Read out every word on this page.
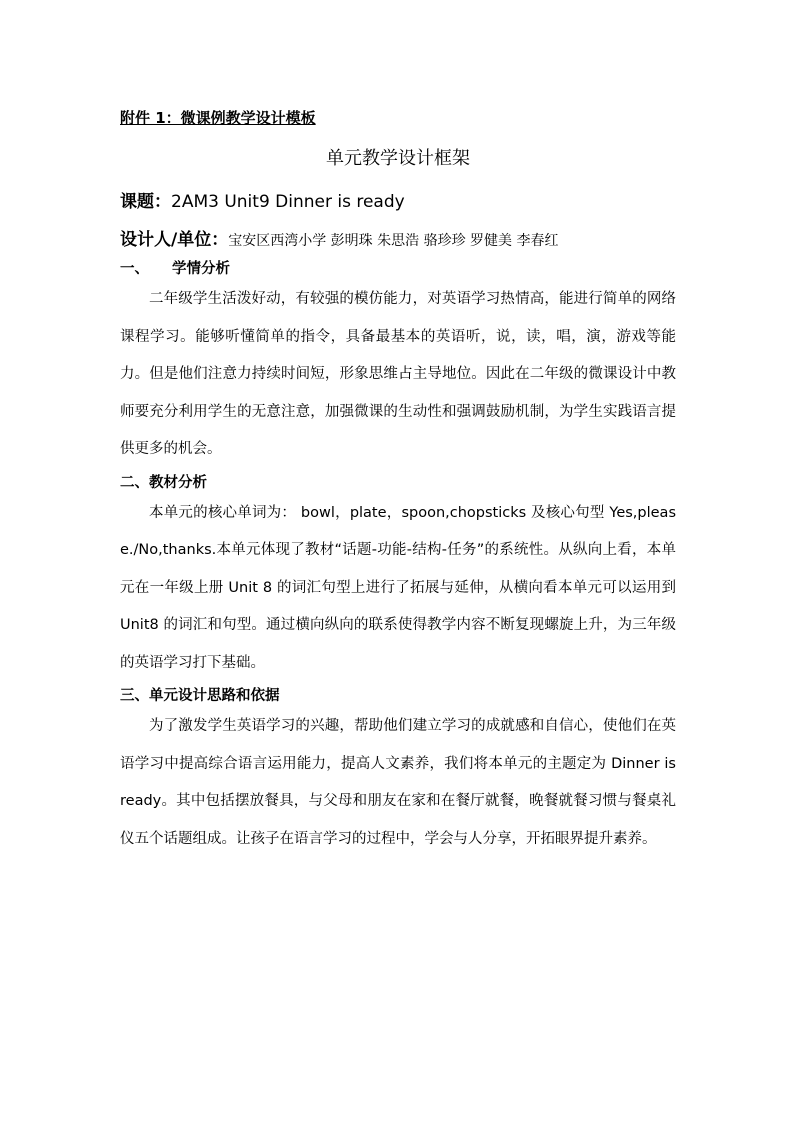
附件 1：微课例教学设计模板
单元教学设计框架
课题：2AM3 Unit9 Dinner is ready
设计人/单位：宝安区西湾小学 彭明珠 朱思浩 骆珍珍 罗健美 李春红
一、 学情分析

二年级学生活泼好动，有较强的模仿能力，对英语学习热情高，能进行简单的网络课程学习。能够听懂简单的指令，具备最基本的英语听，说，读，唱，演，游戏等能力。但是他们注意力持续时间短，形象思维占主导地位。因此在二年级的微课设计中教师要充分利用学生的无意注意，加强微课的生动性和强调鼓励机制，为学生实践语言提供更多的机会。

二、教材分析

本单元的核心单词为： bowl，plate，spoon,chopsticks 及核心句型 Yes,please./No,thanks.本单元体现了教材“话题-功能-结构-任务”的系统性。从纵向上看，本单元在一年级上册 Unit 8 的词汇句型上进行了拓展与延伸，从横向看本单元可以运用到 Unit8 的词汇和句型。通过横向纵向的联系使得教学内容不断复现螺旋上升，为三年级的英语学习打下基础。

三、单元设计思路和依据

为了激发学生英语学习的兴趣，帮助他们建立学习的成就感和自信心，使他们在英语学习中提高综合语言运用能力，提高人文素养，我们将本单元的主题定为 Dinner is ready。其中包括摆放餐具，与父母和朋友在家和在餐厅就餐，晚餐就餐习惯与餐桌礼仪五个话题组成。让孩子在语言学习的过程中，学会与人分享，开拓眼界提升素养。
